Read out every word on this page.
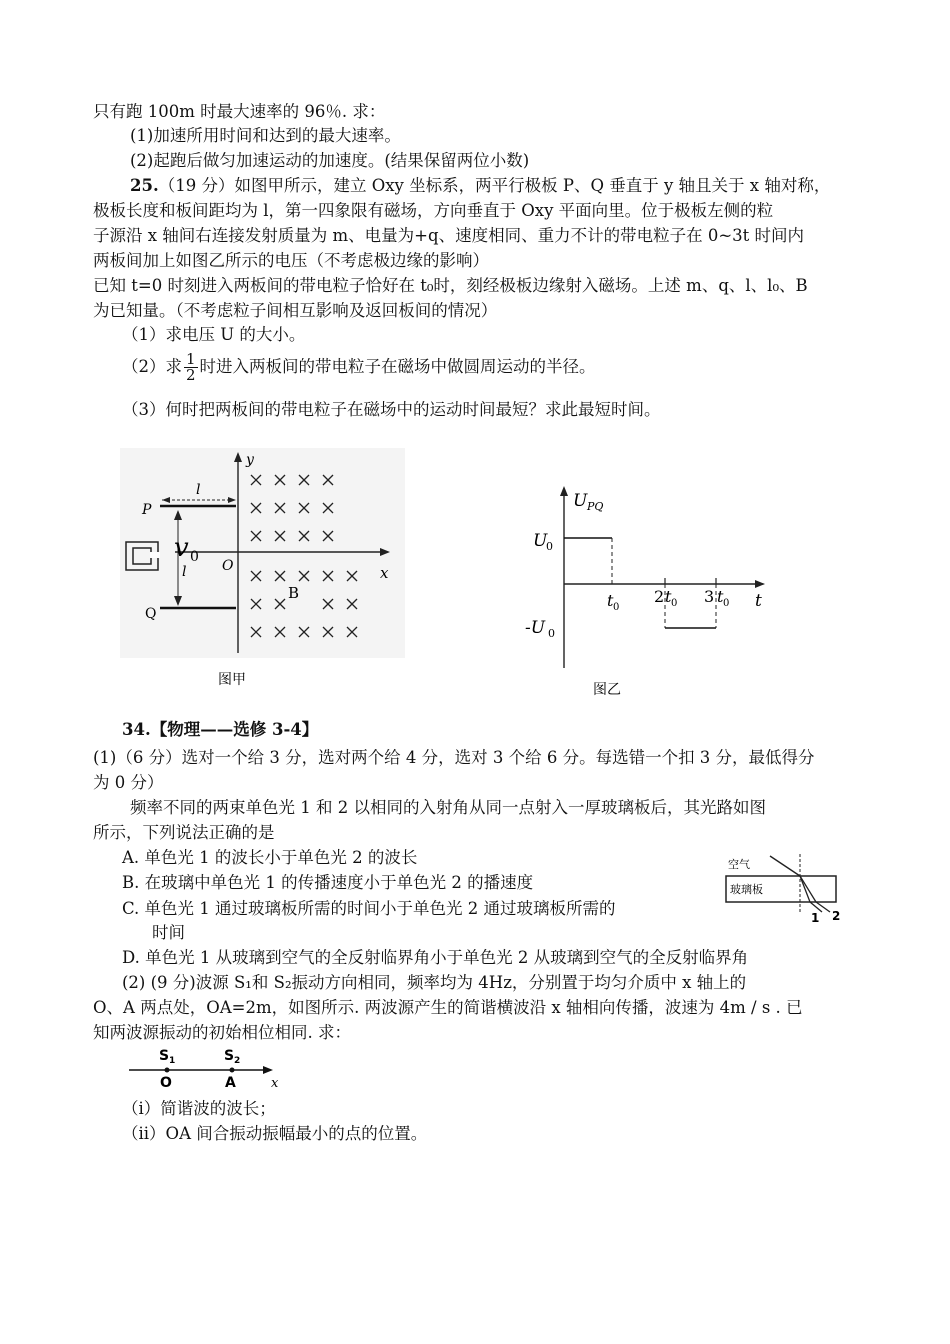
只有跑 100m 时最大速率的 96％. 求：
(1)加速所用时间和达到的最大速率。
(2)起跑后做匀加速运动的加速度。(结果保留两位小数)
25.（19 分）如图甲所示，建立 Oxy 坐标系，两平行极板 P、Q 垂直于 y 轴且关于 x 轴对称，
极板长度和板间距均为 l，第一四象限有磁场，方向垂直于 Oxy 平面向里。位于极板左侧的粒
子源沿 x 轴间右连接发射质量为 m、电量为+q、速度相同、重力不计的带电粒子在 0~3t 时间内
两板间加上如图乙所示的电压（不考虑极边缘的影响）
已知 t=0 时刻进入两板间的带电粒子恰好在 t₀时，刻经极板边缘射入磁场。上述 m、q、l、l₀、B
为已知量。（不考虑粒子间相互影响及返回板间的情况）
（1）求电压 U 的大小。
（2）求 $\frac{1}{2}$ 时进入两板间的带电粒子在磁场中做圆周运动的半径。
（3）何时把两板间的带电粒子在磁场中的运动时间最短？求此最短时间。
y
x
O
P
Q
l
l
v 0
B
图甲
U PQ
t
U
0
-U 0
t 0
2 t 0 3 t 0
图乙
34.【物理——选修 3-4】
(1)（6 分）选对一个给 3 分，选对两个给 4 分，选对 3 个给 6 分。每选错一个扣 3 分，最低得分
为 0 分）
频率不同的两束单色光 1 和 2 以相同的入射角从同一点射入一厚玻璃板后，其光路如图
所示，下列说法正确的是
A. 单色光 1 的波长小于单色光 2 的波长
B. 在玻璃中单色光 1 的传播速度小于单色光 2 的播速度
C. 单色光 1 通过玻璃板所需的时间小于单色光 2 通过玻璃板所需的
时间
D. 单色光 1 从玻璃到空气的全反射临界角小于单色光 2 从玻璃到空气的全反射临界角
(2) (9 分)波源 S₁和 S₂振动方向相同，频率均为 4Hz，分别置于均匀介质中 x 轴上的
O、A 两点处，OA=2m，如图所示. 两波源产生的简谐横波沿 x 轴相向传播，波速为 4m / s . 已
知两波源振动的初始相位相同. 求：
（i）简谐波的波长；
（ii）OA 间合振动振幅最小的点的位置。
空气
玻璃板
1 2
S 1	S 2
O	A	x
